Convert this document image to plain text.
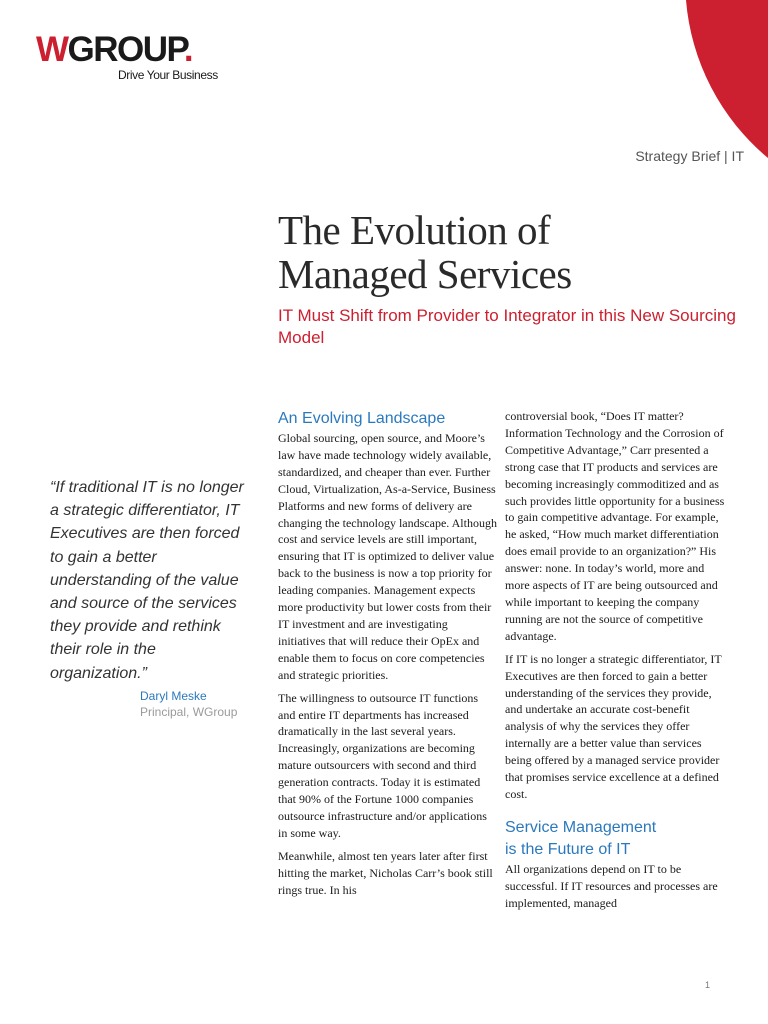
WGROUP.
Drive Your Business
Strategy Brief | IT
The Evolution of
Managed Services

IT Must Shift from Provider to Integrator in this New Sourcing Model

“If traditional IT is no longer a strategic differentiator, IT Executives are then forced to gain a better understanding of the value and source of the services they provide and rethink their role in the organization.”

Daryl Meske
Principal, WGroup
An Evolving Landscape

Global sourcing, open source, and Moore’s law have made technology widely available, standardized, and cheaper than ever. Further Cloud, Virtualization, As-a-Service, Business Platforms and new forms of delivery are changing the technology landscape. Although cost and service levels are still important, ensuring that IT is optimized to deliver value back to the business is now a top priority for leading companies. Management expects more productivity but lower costs from their IT investment and are investigating initiatives that will reduce their OpEx and enable them to focus on core competencies and strategic priorities.

The willingness to outsource IT functions and entire IT departments has increased dramatically in the last several years. Increasingly, organizations are becoming mature outsourcers with second and third generation contracts. Today it is estimated that 90% of the Fortune 1000 companies outsource infrastructure and/or applications in some way.

Meanwhile, almost ten years later after first hitting the market, Nicholas Carr’s book still rings true. In his

controversial book, “Does IT matter? Information Technology and the Corrosion of Competitive Advantage,” Carr presented a strong case that IT products and services are becoming increasingly commoditized and as such provides little opportunity for a business to gain competitive advantage. For example, he asked, “How much market differentiation does email provide to an organization?” His answer: none. In today’s world, more and more aspects of IT are being outsourced and while important to keeping the company running are not the source of competitive advantage.

If IT is no longer a strategic differentiator, IT Executives are then forced to gain a better understanding of the services they provide, and undertake an accurate cost-benefit analysis of why the services they offer internally are a better value than services being offered by a managed service provider that promises service excellence at a defined cost.

Service Management
is the Future of IT

All organizations depend on IT to be successful. If IT resources and processes are implemented, managed

1
